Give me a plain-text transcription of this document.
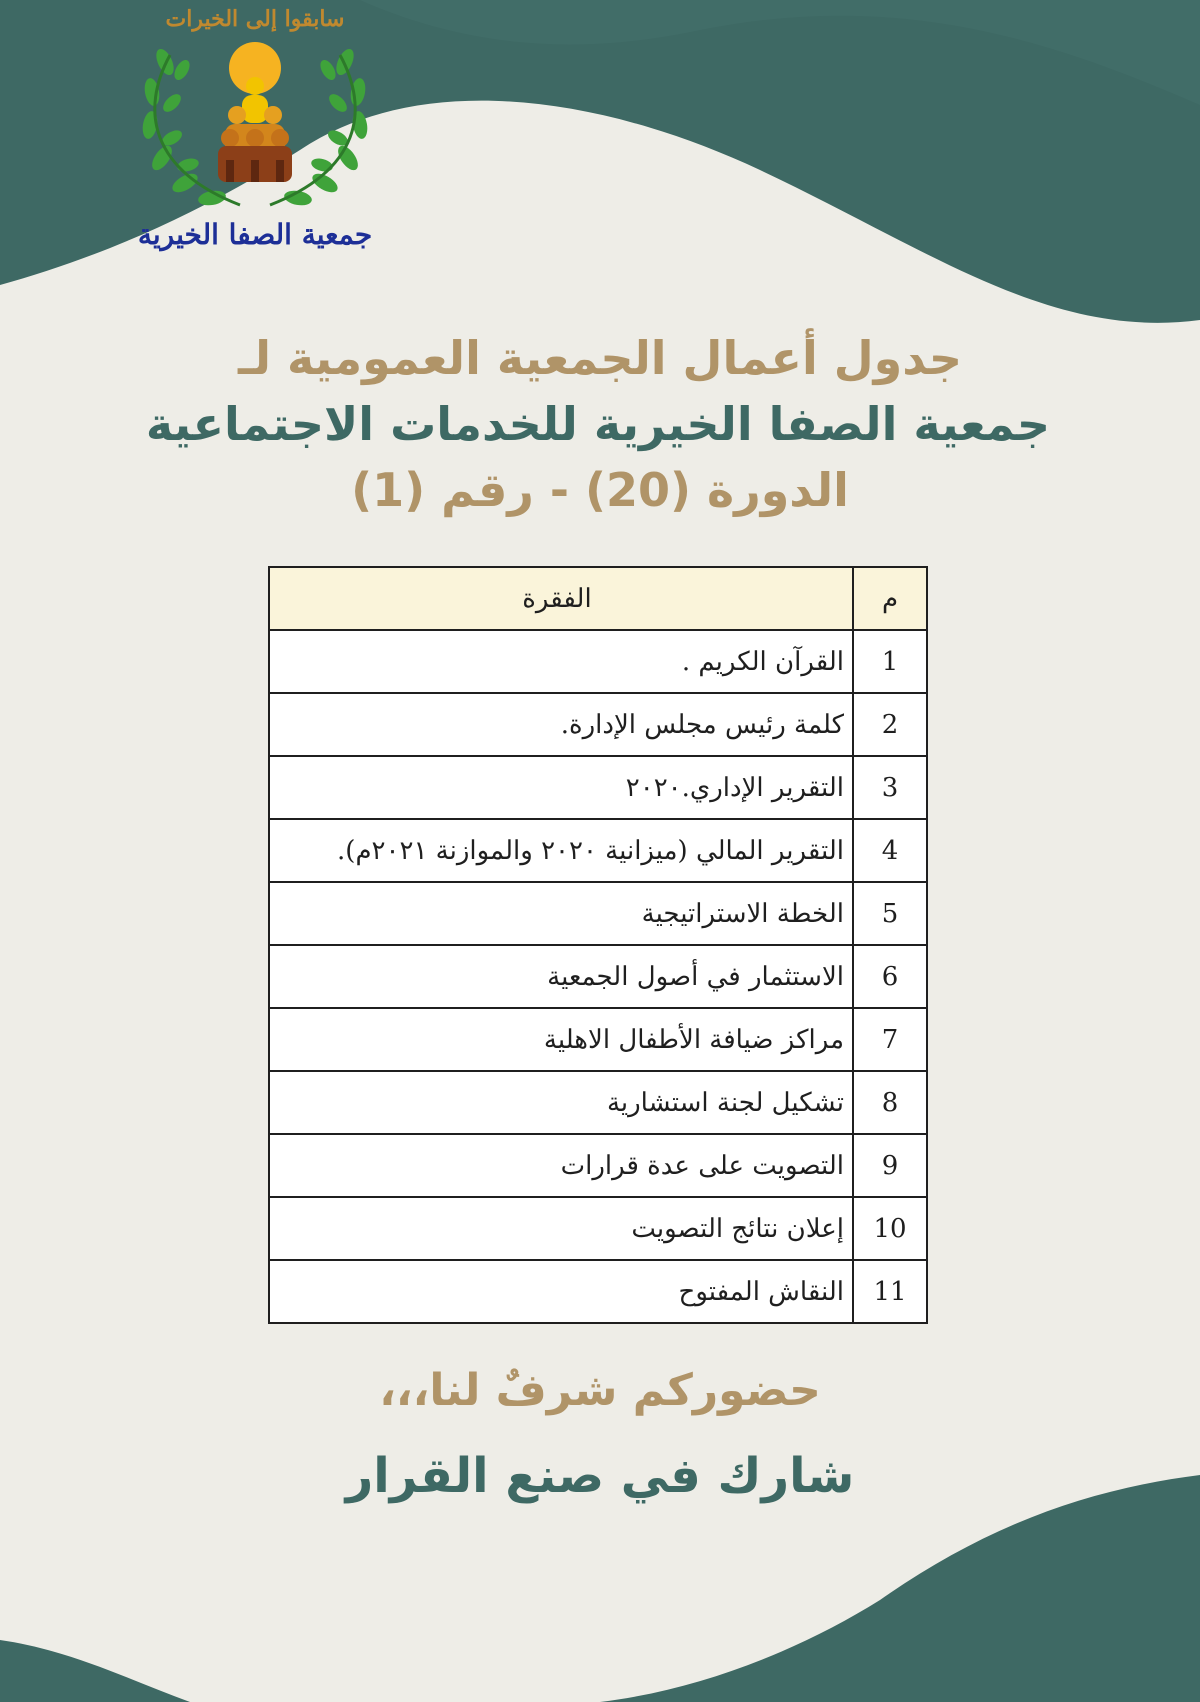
سابقوا إلى الخيرات
جمعية الصفا الخيرية
جدول أعمال الجمعية العمومية لـ
جمعية الصفا الخيرية للخدمات الاجتماعية
الدورة (20) - رقم (1)
م	الفقرة
1	القرآن الكريم .
2	كلمة رئيس مجلس الإدارة.
3	التقرير الإداري.٢٠٢٠
4	التقرير المالي (ميزانية ٢٠٢٠ والموازنة ٢٠٢١م).
5	الخطة الاستراتيجية
6	الاستثمار في أصول الجمعية
7	مراكز ضيافة الأطفال الاهلية
8	تشكيل لجنة استشارية
9	التصويت على عدة قرارات
10	إعلان نتائج التصويت
11	النقاش المفتوح
حضوركم شرفٌ لنا،،،
شارك في صنع القرار
